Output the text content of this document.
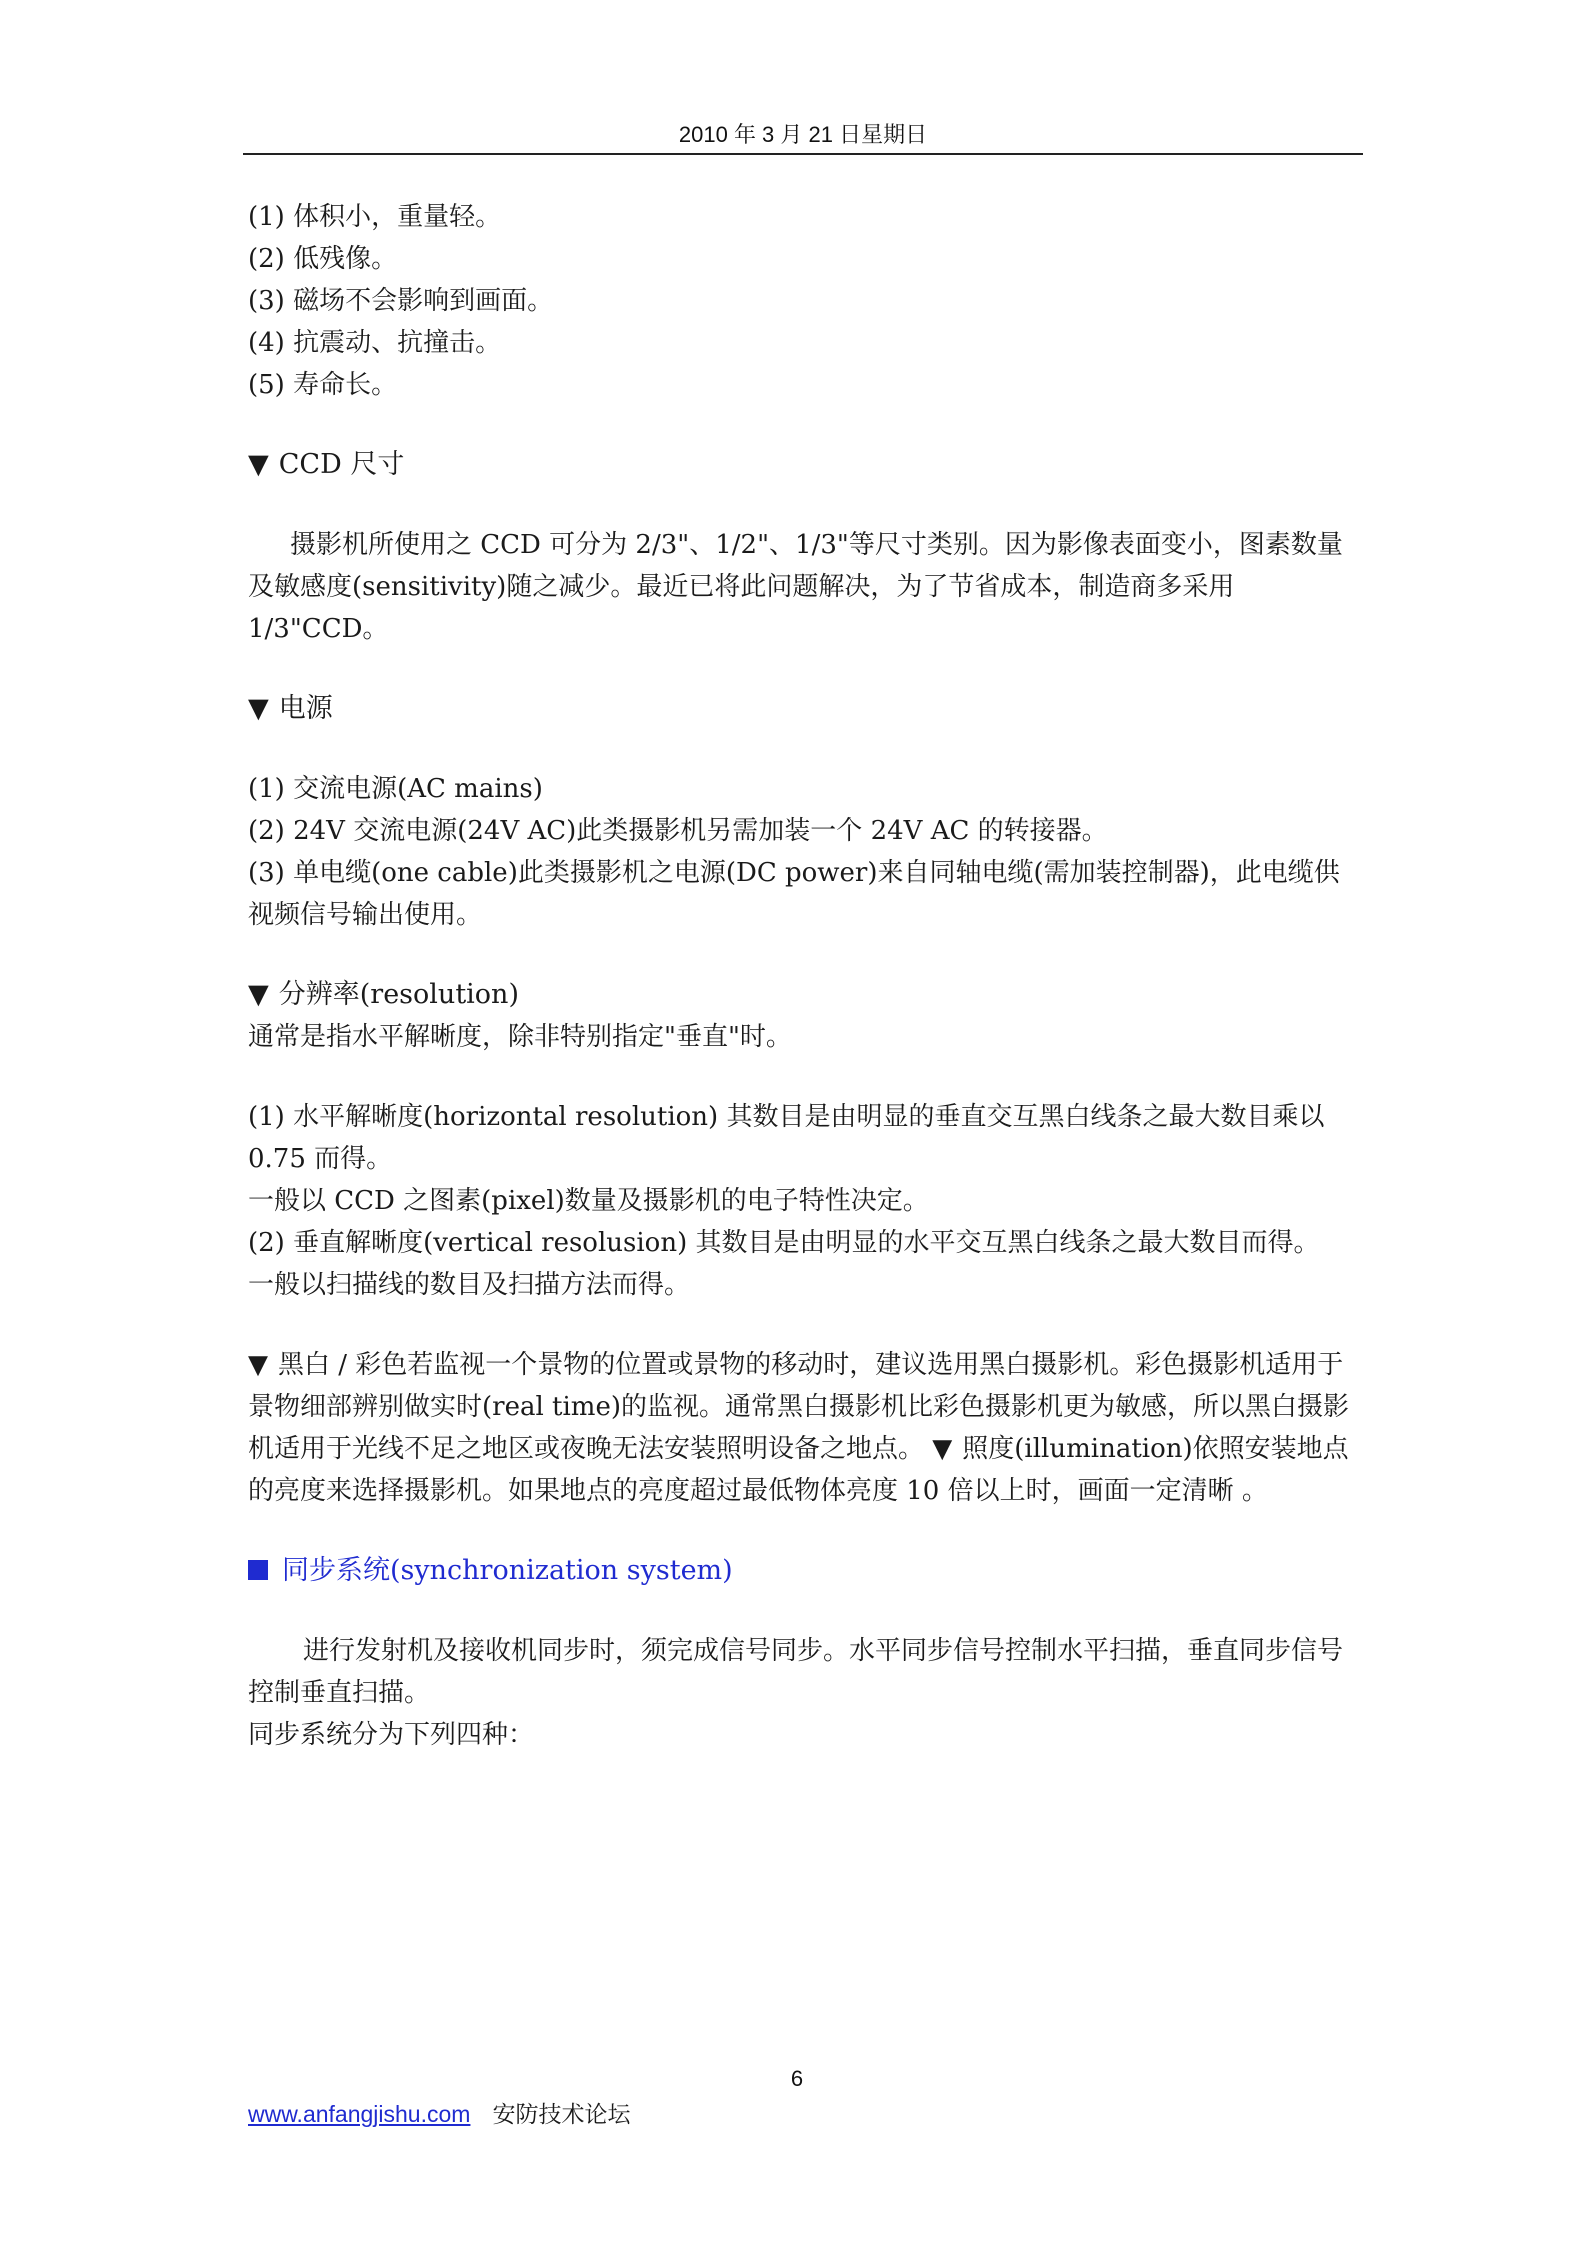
2010 年 3 月 21 日星期日

(1) 体积小，重量轻。

(2) 低残像。

(3) 磁场不会影响到画面。

(4) 抗震动、抗撞击。

(5) 寿命长。

▼ CCD 尺寸

摄影机所使用之 CCD 可分为 2/3"、1/2"、1/3"等尺寸类别。因为影像表面变小，图素数量及敏感度(sensitivity)随之减少。最近已将此问题解决，为了节省成本，制造商多采用 1/3"CCD。

▼ 电源

(1) 交流电源(AC mains)

(2) 24V 交流电源(24V AC)此类摄影机另需加装一个 24V AC 的转接器。

(3) 单电缆(one cable)此类摄影机之电源(DC power)来自同轴电缆(需加装控制器)，此电缆供视频信号输出使用。

▼ 分辨率(resolution)

通常是指水平解晰度，除非特别指定"垂直"时。

(1) 水平解晰度(horizontal resolution) 其数目是由明显的垂直交互黑白线条之最大数目乘以 0.75 而得。

一般以 CCD 之图素(pixel)数量及摄影机的电子特性决定。

(2) 垂直解晰度(vertical resolusion) 其数目是由明显的水平交互黑白线条之最大数目而得。

一般以扫描线的数目及扫描方法而得。

▼ 黑白 / 彩色若监视一个景物的位置或景物的移动时，建议选用黑白摄影机。彩色摄影机适用于景物细部辨别做实时(real time)的监视。通常黑白摄影机比彩色摄影机更为敏感，所以黑白摄影机适用于光线不足之地区或夜晚无法安装照明设备之地点。 ▼ 照度(illumination)依照安装地点的亮度来选择摄影机。如果地点的亮度超过最低物体亮度 10 倍以上时，画面一定清晰 。

同步系统(synchronization system)

进行发射机及接收机同步时，须完成信号同步。水平同步信号控制水平扫描，垂直同步信号控制垂直扫描。

同步系统分为下列四种：

6
www.anfangjishu.com 安防技术论坛
